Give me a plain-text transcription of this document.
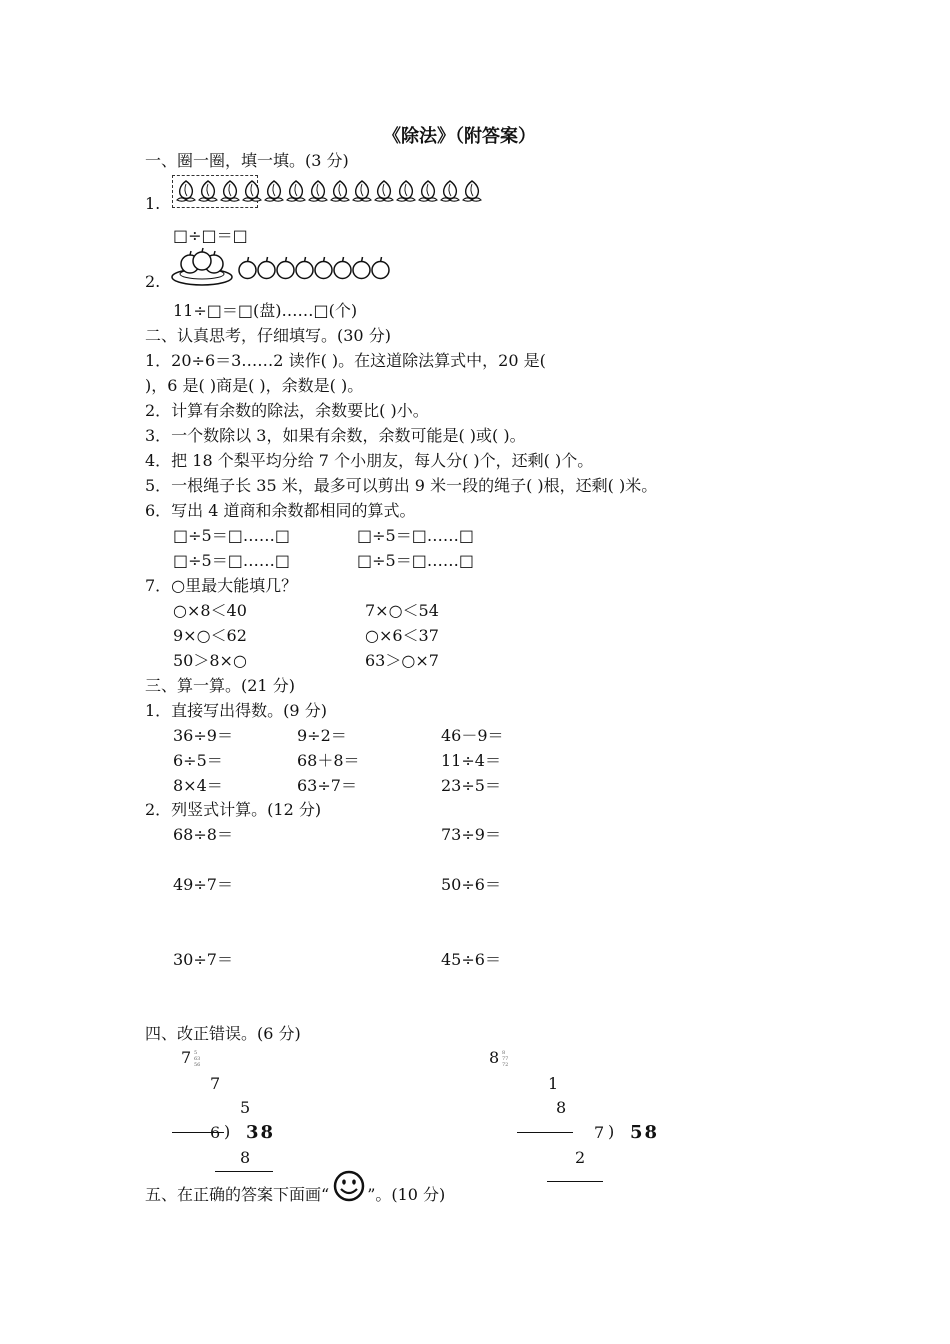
《除法》（附答案）
一、圈一圈，填一填。(3 分)
1.
□÷□＝□
2.
11÷□＝□(盘)……□(个)
二、认真思考，仔细填写。(30 分)
1．20÷6＝3……2 读作( )。在这道除法算式中，20 是(
)，6 是( )商是( )，余数是( )。
2．计算有余数的除法，余数要比( )小。
3．一个数除以 3，如果有余数，余数可能是( )或( )。
4．把 18 个梨平均分给 7 个小朋友，每人分( )个，还剩( )个。
5．一根绳子长 35 米，最多可以剪出 9 米一段的绳子( )根，还剩( )米。
6．写出 4 道商和余数都相同的算式。
□÷5＝□……□	□÷5＝□……□
□÷5＝□……□	□÷5＝□……□
7．○里最大能填几？
○×8＜40	7×○＜54
9×○＜62	○×6＜37
50＞8×○	63＞○×7
三、算一算。(21 分)
1．直接写出得数。(9 分)
36÷9＝	9÷2＝	46－9＝
6÷5＝	68＋8＝	11÷4＝
8×4＝	63÷7＝	23÷5＝
2．列竖式计算。(12 分)
68÷8＝	73÷9＝
49÷7＝	50÷6＝
30÷7＝	45÷6＝
四、改正错误。(6 分)
7 5
63
56
7
5
6 ) 38
8
8 8
77
72
1
8
7 ) 58
2
五、在正确的答案下面画“ ”。(10 分)
